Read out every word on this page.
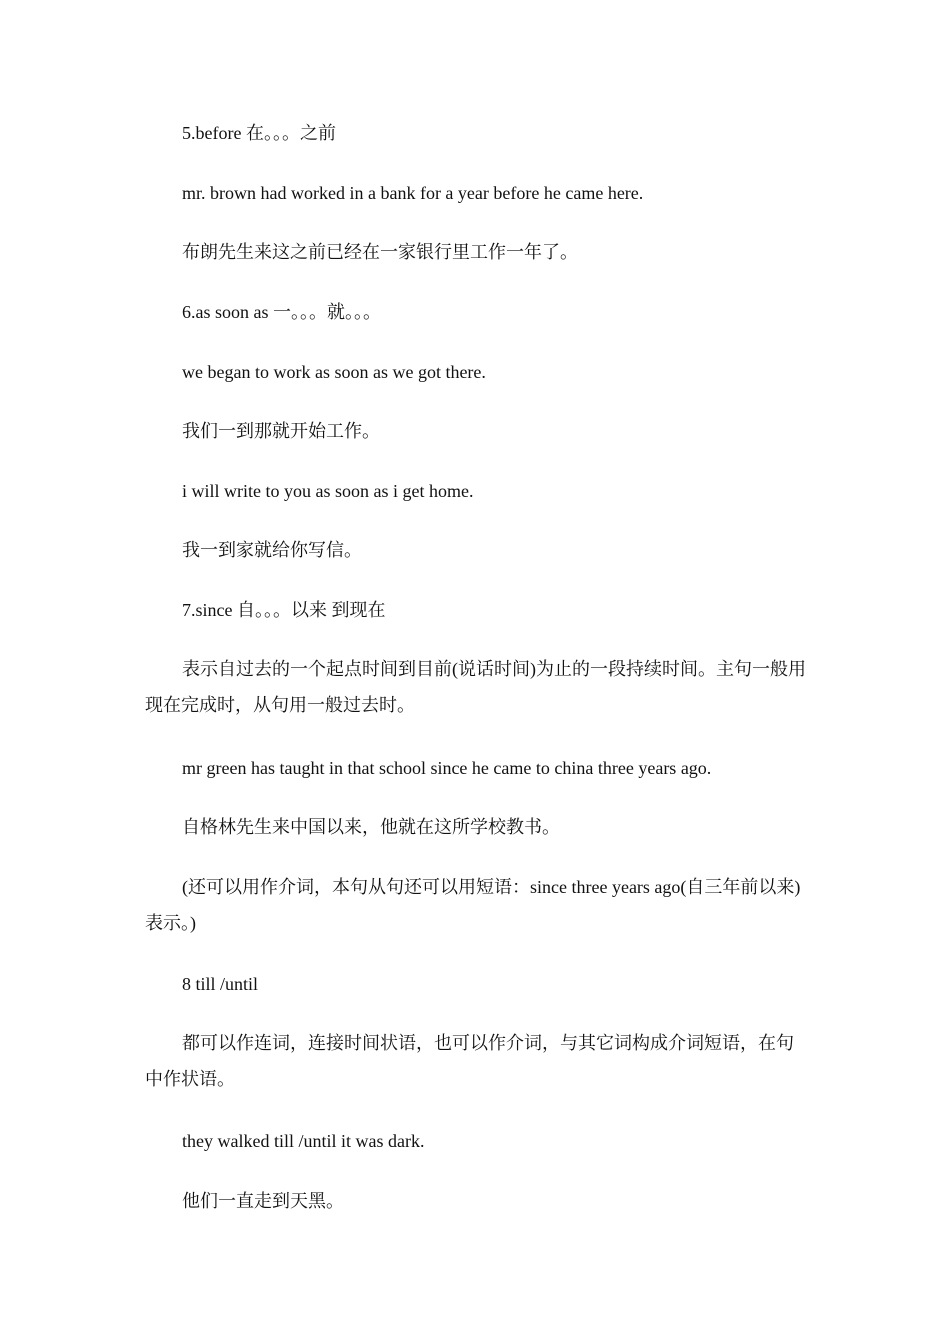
5.before 在。。。之前

mr. brown had worked in a bank for a year before he came here.

布朗先生来这之前已经在一家银行里工作一年了。

6.as soon as 一。。。就。。。

we began to work as soon as we got there.

我们一到那就开始工作。

i will write to you as soon as i get home.

我一到家就给你写信。

7.since 自。。。以来 到现在

表示自过去的一个起点时间到目前(说话时间)为止的一段持续时间。主句一般用现在完成时，从句用一般过去时。

mr green has taught in that school since he came to china three years ago.

自格林先生来中国以来，他就在这所学校教书。

(还可以用作介词，本句从句还可以用短语：since three years ago(自三年前以来)表示。)

8 till /until

都可以作连词，连接时间状语，也可以作介词，与其它词构成介词短语，在句中作状语。

they walked till /until it was dark.

他们一直走到天黑。
